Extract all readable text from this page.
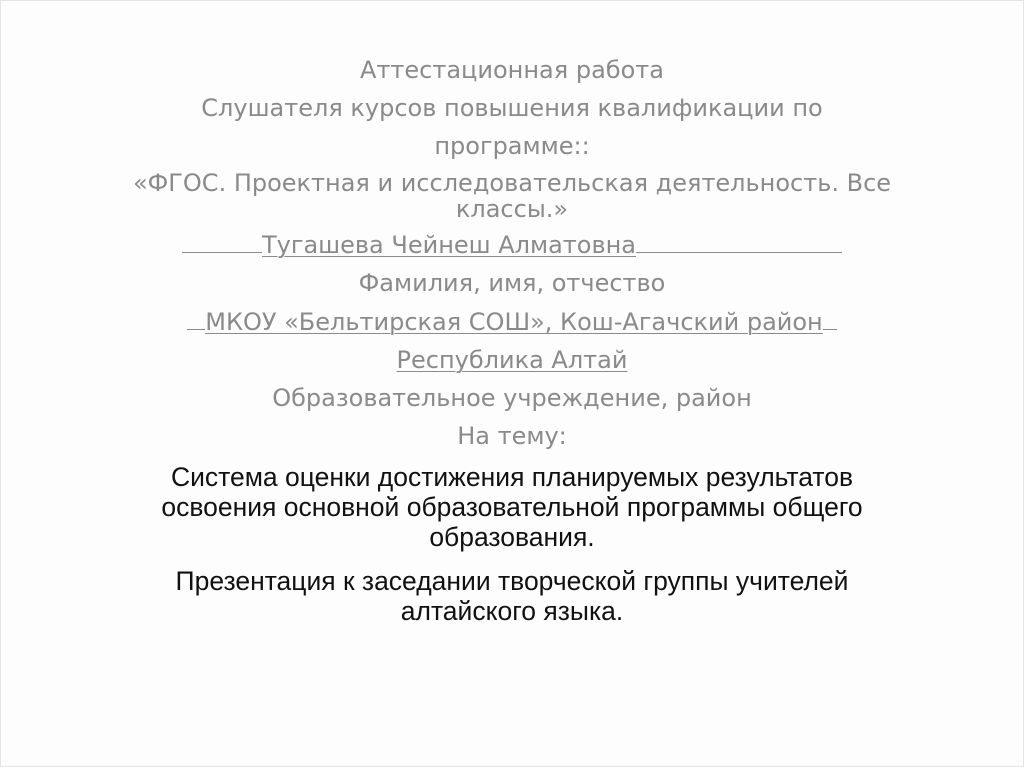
Аттестационная работа
Слушателя курсов повышения квалификации по
программе::
«ФГОС. Проектная и исследовательская деятельность. Все
классы.»
Тугашева Чейнеш Алматовна
Фамилия, имя, отчество
МКОУ «Бельтирская СОШ», Кош-Агачский район
Республика Алтай
Образовательное учреждение, район
На тему:
Система оценки достижения планируемых результатов
освоения основной образовательной программы общего
образования.
Презентация к заседании творческой группы учителей
алтайского языка.
